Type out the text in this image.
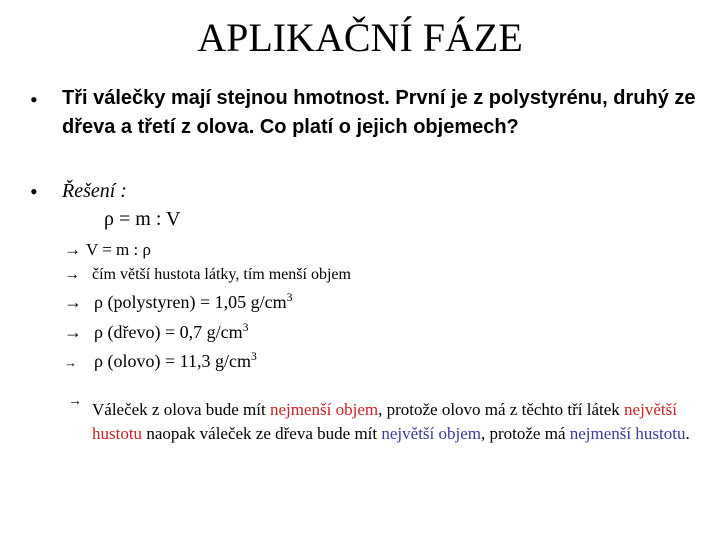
APLIKAČNÍ FÁZE
• Tři válečky mají stejnou hmotnost. První je z polystyrénu, druhý ze dřeva a třetí z olova. Co platí o jejich objemech?
• Řešení :
ρ = m : V
→ V = m : ρ
→ čím větší hustota látky, tím menší objem
→ ρ (polystyren) = 1,05 $g/cm^3$
→ ρ (dřevo) = 0,7 $g/cm^3$
→ ρ (olovo) = 11,3 $g/cm^3$
→ Váleček z olova bude mít nejmenší objem, protože olovo má z těchto tří látek největší hustotu naopak váleček ze dřeva bude mít největší objem, protože má nejmenší hustotu.
